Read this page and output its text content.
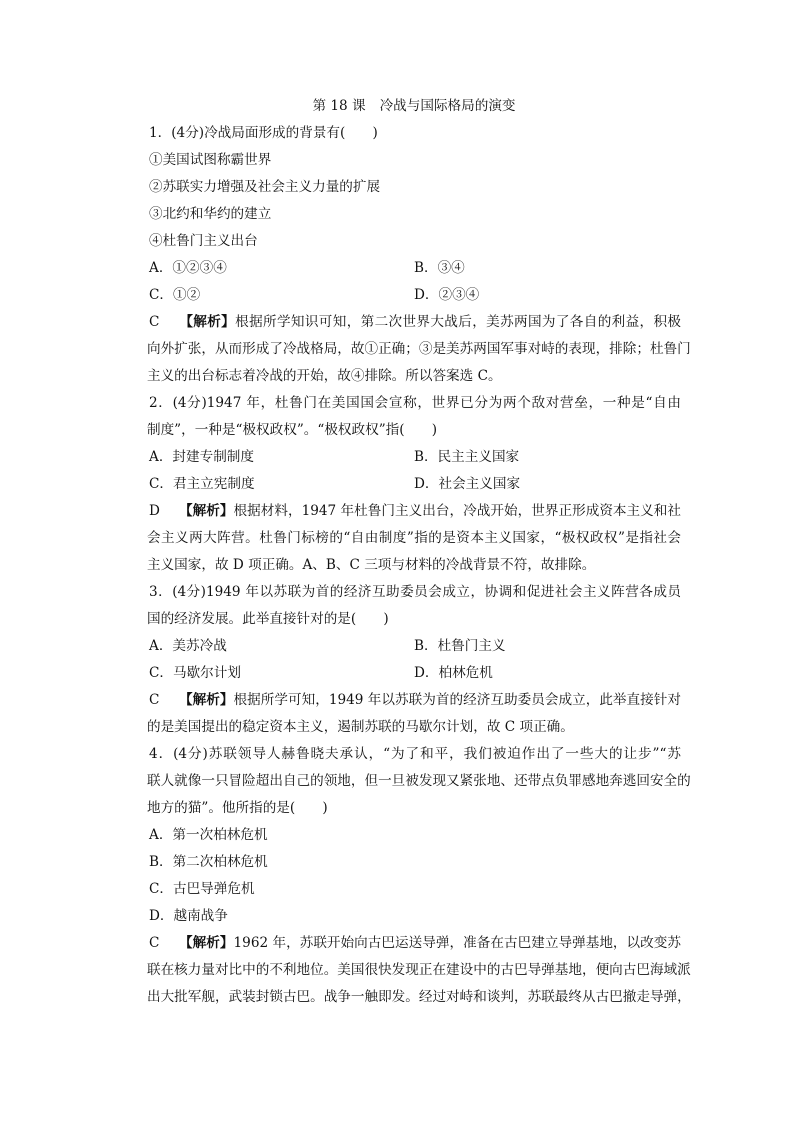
第 18 课 冷战与国际格局的演变
1．(4分)冷战局面形成的背景有(　　)
①美国试图称霸世界
②苏联实力增强及社会主义力量的扩展
③北约和华约的建立
④杜鲁门主义出台
A．①②③④	B．③④
C．①②	D．②③④
C 【解析】根据所学知识可知，第二次世界大战后，美苏两国为了各自的利益，积极
向外扩张，从而形成了冷战格局，故①正确；③是美苏两国军事对峙的表现，排除；杜鲁门
主义的出台标志着冷战的开始，故④排除。所以答案选 C。
2．(4分)1947 年，杜鲁门在美国国会宣称，世界已分为两个敌对营垒，一种是“自由
制度”，一种是“极权政权”。“极权政权”指(　　)
A．封建专制制度	B．民主主义国家
C．君主立宪制度	D．社会主义国家
D 【解析】根据材料，1947 年杜鲁门主义出台，冷战开始，世界正形成资本主义和社
会主义两大阵营。杜鲁门标榜的“自由制度”指的是资本主义国家，“极权政权”是指社会
主义国家，故 D 项正确。A、B、C 三项与材料的冷战背景不符，故排除。
3．(4分)1949 年以苏联为首的经济互助委员会成立，协调和促进社会主义阵营各成员
国的经济发展。此举直接针对的是(　　)
A．美苏冷战	B．杜鲁门主义
C．马歇尔计划	D．柏林危机
C 【解析】根据所学可知，1949 年以苏联为首的经济互助委员会成立，此举直接针对
的是美国提出的稳定资本主义，遏制苏联的马歇尔计划，故 C 项正确。
4．(4分)苏联领导人赫鲁晓夫承认，“为了和平，我们被迫作出了一些大的让步”“苏
联人就像一只冒险超出自己的领地，但一旦被发现又紧张地、还带点负罪感地奔逃回安全的
地方的猫”。他所指的是(　　)
A．第一次柏林危机
B．第二次柏林危机
C．古巴导弹危机
D．越南战争
C 【解析】1962 年，苏联开始向古巴运送导弹，准备在古巴建立导弹基地，以改变苏
联在核力量对比中的不利地位。美国很快发现正在建设中的古巴导弹基地，便向古巴海域派
出大批军舰，武装封锁古巴。战争一触即发。经过对峙和谈判，苏联最终从古巴撤走导弹，
